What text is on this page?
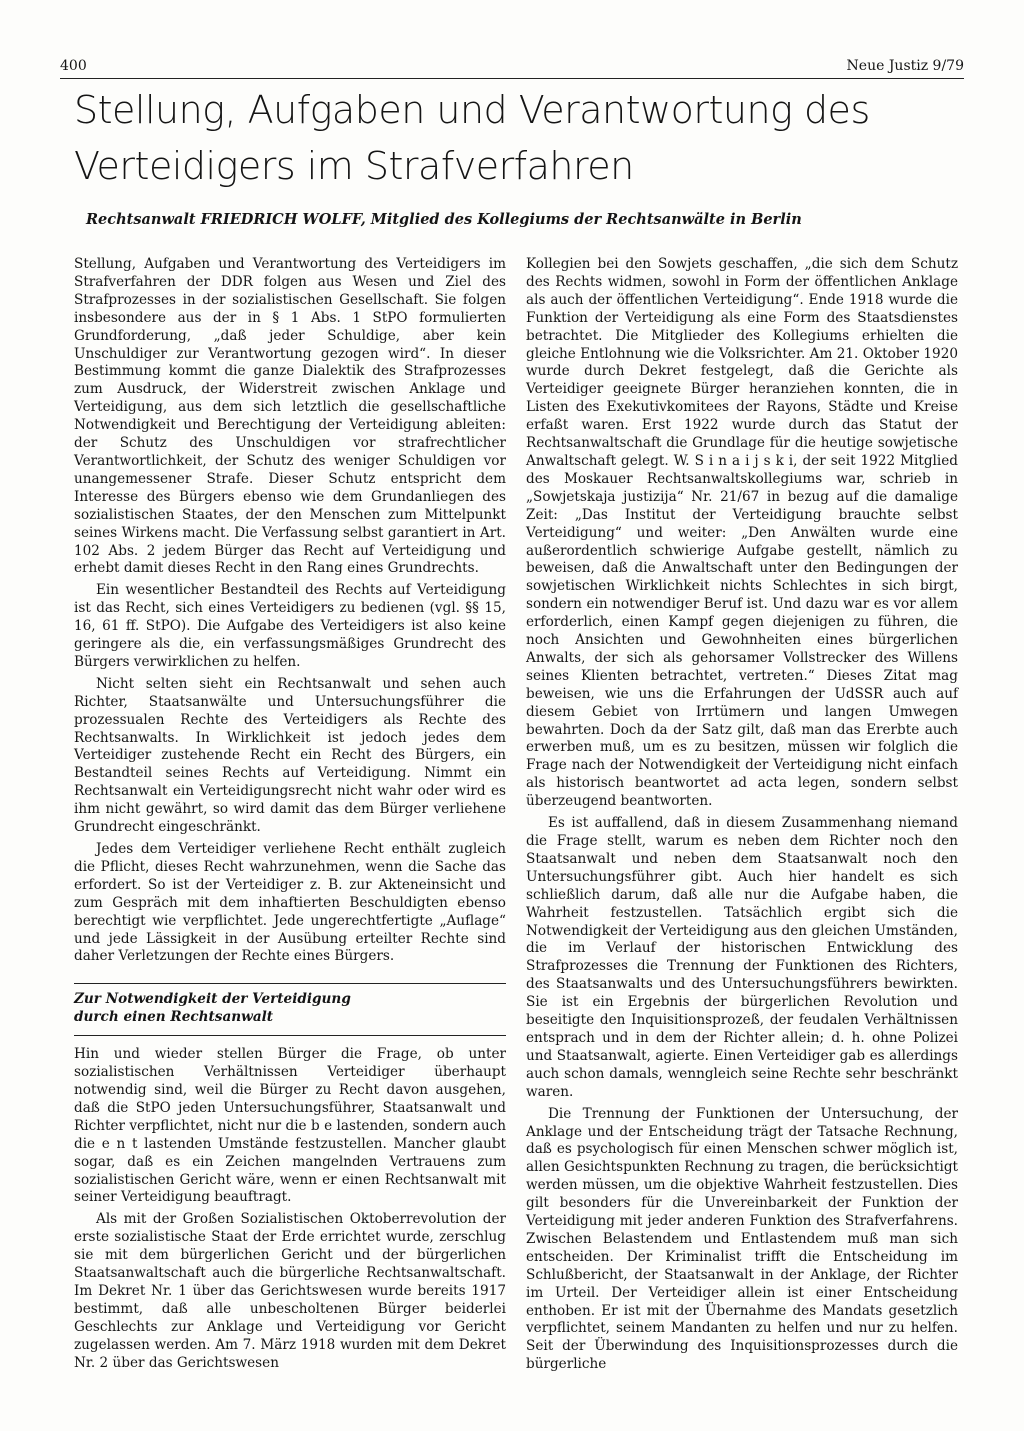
400	Neue Justiz 9/79
Stellung, Aufgaben und Verantwortung des Verteidigers im Strafverfahren

Rechtsanwalt FRIEDRICH WOLFF, Mitglied des Kollegiums der Rechtsanwälte in Berlin

Stellung, Aufgaben und Verantwortung des Verteidigers im Strafverfahren der DDR folgen aus Wesen und Ziel des Strafprozesses in der sozialistischen Gesellschaft. Sie folgen insbesondere aus der in § 1 Abs. 1 StPO formulierten Grundforderung, „daß jeder Schuldige, aber kein Unschuldiger zur Verantwortung gezogen wird“. In dieser Bestimmung kommt die ganze Dialektik des Strafprozesses zum Ausdruck, der Widerstreit zwischen Anklage und Verteidigung, aus dem sich letztlich die gesellschaftliche Notwendigkeit und Berechtigung der Verteidigung ableiten: der Schutz des Unschuldigen vor strafrechtlicher Verantwortlichkeit, der Schutz des weniger Schuldigen vor unangemessener Strafe. Dieser Schutz entspricht dem Interesse des Bürgers ebenso wie dem Grundanliegen des sozialistischen Staates, der den Menschen zum Mittelpunkt seines Wirkens macht. Die Verfassung selbst garantiert in Art. 102 Abs. 2 jedem Bürger das Recht auf Verteidigung und erhebt damit dieses Recht in den Rang eines Grundrechts.

Ein wesentlicher Bestandteil des Rechts auf Verteidigung ist das Recht, sich eines Verteidigers zu bedienen (vgl. §§ 15, 16, 61 ff. StPO). Die Aufgabe des Verteidigers ist also keine geringere als die, ein verfassungsmäßiges Grundrecht des Bürgers verwirklichen zu helfen.

Nicht selten sieht ein Rechtsanwalt und sehen auch Richter, Staatsanwälte und Untersuchungsführer die prozessualen Rechte des Verteidigers als Rechte des Rechtsanwalts. In Wirklichkeit ist jedoch jedes dem Verteidiger zustehende Recht ein Recht des Bürgers, ein Bestandteil seines Rechts auf Verteidigung. Nimmt ein Rechtsanwalt ein Verteidigungsrecht nicht wahr oder wird es ihm nicht gewährt, so wird damit das dem Bürger verliehene Grundrecht eingeschränkt.

Jedes dem Verteidiger verliehene Recht enthält zugleich die Pflicht, dieses Recht wahrzunehmen, wenn die Sache das erfordert. So ist der Verteidiger z. B. zur Akteneinsicht und zum Gespräch mit dem inhaftierten Beschuldigten ebenso berechtigt wie verpflichtet. Jede ungerechtfertigte „Auflage“ und jede Lässigkeit in der Ausübung erteilter Rechte sind daher Verletzungen der Rechte eines Bürgers.

Zur Notwendigkeit der Verteidigung
durch einen Rechtsanwalt

Hin und wieder stellen Bürger die Frage, ob unter sozialistischen Verhältnissen Verteidiger überhaupt notwendig sind, weil die Bürger zu Recht davon ausgehen, daß die StPO jeden Untersuchungsführer, Staatsanwalt und Richter verpflichtet, nicht nur die b e lastenden, sondern auch die e n t lastenden Umstände festzustellen. Mancher glaubt sogar, daß es ein Zeichen mangelnden Vertrauens zum sozialistischen Gericht wäre, wenn er einen Rechtsanwalt mit seiner Verteidigung beauftragt.

Als mit der Großen Sozialistischen Oktoberrevolution der erste sozialistische Staat der Erde errichtet wurde, zerschlug sie mit dem bürgerlichen Gericht und der bürgerlichen Staatsanwaltschaft auch die bürgerliche Rechtsanwaltschaft. Im Dekret Nr. 1 über das Gerichtswesen wurde bereits 1917 bestimmt, daß alle unbescholtenen Bürger beiderlei Geschlechts zur Anklage und Verteidigung vor Gericht zugelassen werden. Am 7. März 1918 wurden mit dem Dekret Nr. 2 über das Gerichtswesen

Kollegien bei den Sowjets geschaffen, „die sich dem Schutz des Rechts widmen, sowohl in Form der öffentlichen Anklage als auch der öffentlichen Verteidigung“. Ende 1918 wurde die Funktion der Verteidigung als eine Form des Staatsdienstes betrachtet. Die Mitglieder des Kollegiums erhielten die gleiche Entlohnung wie die Volksrichter. Am 21. Oktober 1920 wurde durch Dekret festgelegt, daß die Gerichte als Verteidiger geeignete Bürger heranziehen konnten, die in Listen des Exekutivkomitees der Rayons, Städte und Kreise erfaßt waren. Erst 1922 wurde durch das Statut der Rechtsanwaltschaft die Grundlage für die heutige sowjetische Anwaltschaft gelegt. W. S i n a i j s k i, der seit 1922 Mitglied des Moskauer Rechtsanwaltskollegiums war, schrieb in „Sowjetskaja justizija“ Nr. 21/67 in bezug auf die damalige Zeit: „Das Institut der Verteidigung brauchte selbst Verteidigung“ und weiter: „Den Anwälten wurde eine außerordentlich schwierige Aufgabe gestellt, nämlich zu beweisen, daß die Anwaltschaft unter den Bedingungen der sowjetischen Wirklichkeit nichts Schlechtes in sich birgt, sondern ein notwendiger Beruf ist. Und dazu war es vor allem erforderlich, einen Kampf gegen diejenigen zu führen, die noch Ansichten und Gewohnheiten eines bürgerlichen Anwalts, der sich als gehorsamer Vollstrecker des Willens seines Klienten betrachtet, vertreten.“ Dieses Zitat mag beweisen, wie uns die Erfahrungen der UdSSR auch auf diesem Gebiet von Irrtümern und langen Umwegen bewahrten. Doch da der Satz gilt, daß man das Ererbte auch erwerben muß, um es zu besitzen, müssen wir folglich die Frage nach der Notwendigkeit der Verteidigung nicht einfach als historisch beantwortet ad acta legen, sondern selbst überzeugend beantworten.

Es ist auffallend, daß in diesem Zusammenhang niemand die Frage stellt, warum es neben dem Richter noch den Staatsanwalt und neben dem Staatsanwalt noch den Untersuchungsführer gibt. Auch hier handelt es sich schließlich darum, daß alle nur die Aufgabe haben, die Wahrheit festzustellen. Tatsächlich ergibt sich die Notwendigkeit der Verteidigung aus den gleichen Umständen, die im Verlauf der historischen Entwicklung des Strafprozesses die Trennung der Funktionen des Richters, des Staatsanwalts und des Untersuchungsführers bewirkten. Sie ist ein Ergebnis der bürgerlichen Revolution und beseitigte den Inquisitionsprozeß, der feudalen Verhältnissen entsprach und in dem der Richter allein; d. h. ohne Polizei und Staatsanwalt, agierte. Einen Verteidiger gab es allerdings auch schon damals, wenngleich seine Rechte sehr beschränkt waren.

Die Trennung der Funktionen der Untersuchung, der Anklage und der Entscheidung trägt der Tatsache Rechnung, daß es psychologisch für einen Menschen schwer möglich ist, allen Gesichtspunkten Rechnung zu tragen, die berücksichtigt werden müssen, um die objektive Wahrheit festzustellen. Dies gilt besonders für die Unvereinbarkeit der Funktion der Verteidigung mit jeder anderen Funktion des Strafverfahrens. Zwischen Belastendem und Entlastendem muß man sich entscheiden. Der Kriminalist trifft die Entscheidung im Schlußbericht, der Staatsanwalt in der Anklage, der Richter im Urteil. Der Verteidiger allein ist einer Entscheidung enthoben. Er ist mit der Übernahme des Mandats gesetzlich verpflichtet, seinem Mandanten zu helfen und nur zu helfen. Seit der Überwindung des Inquisitionsprozesses durch die bürgerliche
